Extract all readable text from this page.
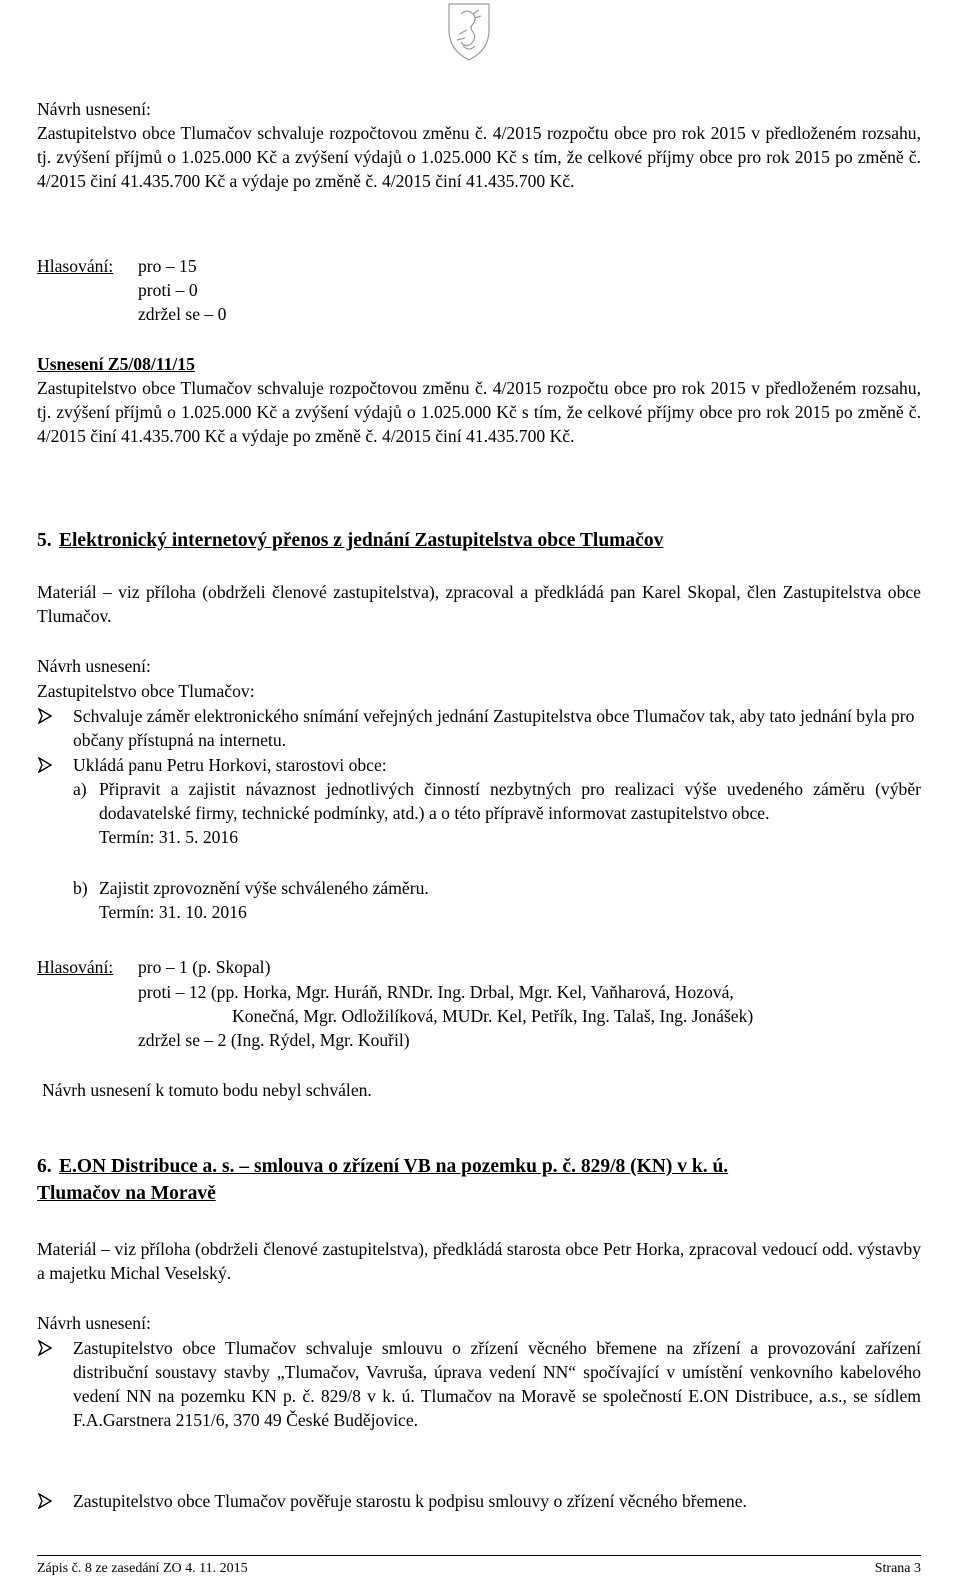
Návrh usnesení:
Zastupitelstvo obce Tlumačov schvaluje rozpočtovou změnu č. 4/2015 rozpočtu obce pro rok 2015 v předloženém rozsahu, tj. zvýšení příjmů o 1.025.000 Kč a zvýšení výdajů o 1.025.000 Kč s tím, že celkové příjmy obce pro rok 2015 po změně č. 4/2015 činí 41.435.700 Kč a výdaje po změně č. 4/2015 činí 41.435.700 Kč.
Hlasování: pro – 15
proti – 0
zdržel se – 0
Usnesení Z5/08/11/15
Zastupitelstvo obce Tlumačov schvaluje rozpočtovou změnu č. 4/2015 rozpočtu obce pro rok 2015 v předloženém rozsahu, tj. zvýšení příjmů o 1.025.000 Kč a zvýšení výdajů o 1.025.000 Kč s tím, že celkové příjmy obce pro rok 2015 po změně č. 4/2015 činí 41.435.700 Kč a výdaje po změně č. 4/2015 činí 41.435.700 Kč.
5. Elektronický internetový přenos z jednání Zastupitelstva obce Tlumačov
Materiál – viz příloha (obdrželi členové zastupitelstva), zpracoval a předkládá pan Karel Skopal, člen Zastupitelstva obce Tlumačov.
Návrh usnesení:
Zastupitelstvo obce Tlumačov:
Schvaluje záměr elektronického snímání veřejných jednání Zastupitelstva obce Tlumačov tak, aby tato jednání byla pro občany přístupná na internetu.
Ukládá panu Petru Horkovi, starostovi obce:
a) Připravit a zajistit návaznost jednotlivých činností nezbytných pro realizaci výše uvedeného záměru (výběr dodavatelské firmy, technické podmínky, atd.) a o této přípravě informovat zastupitelstvo obce.
Termín: 31. 5. 2016
b) Zajistit zprovoznění výše schváleného záměru.
Termín: 31. 10. 2016
Hlasování: pro – 1 (p. Skopal)
proti – 12 (pp. Horka, Mgr. Huráň, RNDr. Ing. Drbal, Mgr. Kel, Vaňharová, Hozová,
Konečná, Mgr. Odložilíková, MUDr. Kel, Petřík, Ing. Talaš, Ing. Jonášek)
zdržel se – 2 (Ing. Rýdel, Mgr. Kouřil)
Návrh usnesení k tomuto bodu nebyl schválen.
6. E.ON Distribuce a. s. – smlouva o zřízení VB na pozemku p. č. 829/8 (KN) v k. ú.
Tlumačov na Moravě
Materiál – viz příloha (obdrželi členové zastupitelstva), předkládá starosta obce Petr Horka, zpracoval vedoucí odd. výstavby a majetku Michal Veselský.
Návrh usnesení:
Zastupitelstvo obce Tlumačov schvaluje smlouvu o zřízení věcného břemene na zřízení a provozování zařízení distribuční soustavy stavby „Tlumačov, Vavruša, úprava vedení NN“ spočívající v umístění venkovního kabelového vedení NN na pozemku KN p. č. 829/8 v k. ú. Tlumačov na Moravě se společností E.ON Distribuce, a.s., se sídlem F.A.Garstnera 2151/6, 370 49 České Budějovice.
Zastupitelstvo obce Tlumačov pověřuje starostu k podpisu smlouvy o zřízení věcného břemene.
Zápis č. 8 ze zasedání ZO 4. 11. 2015	Strana 3
